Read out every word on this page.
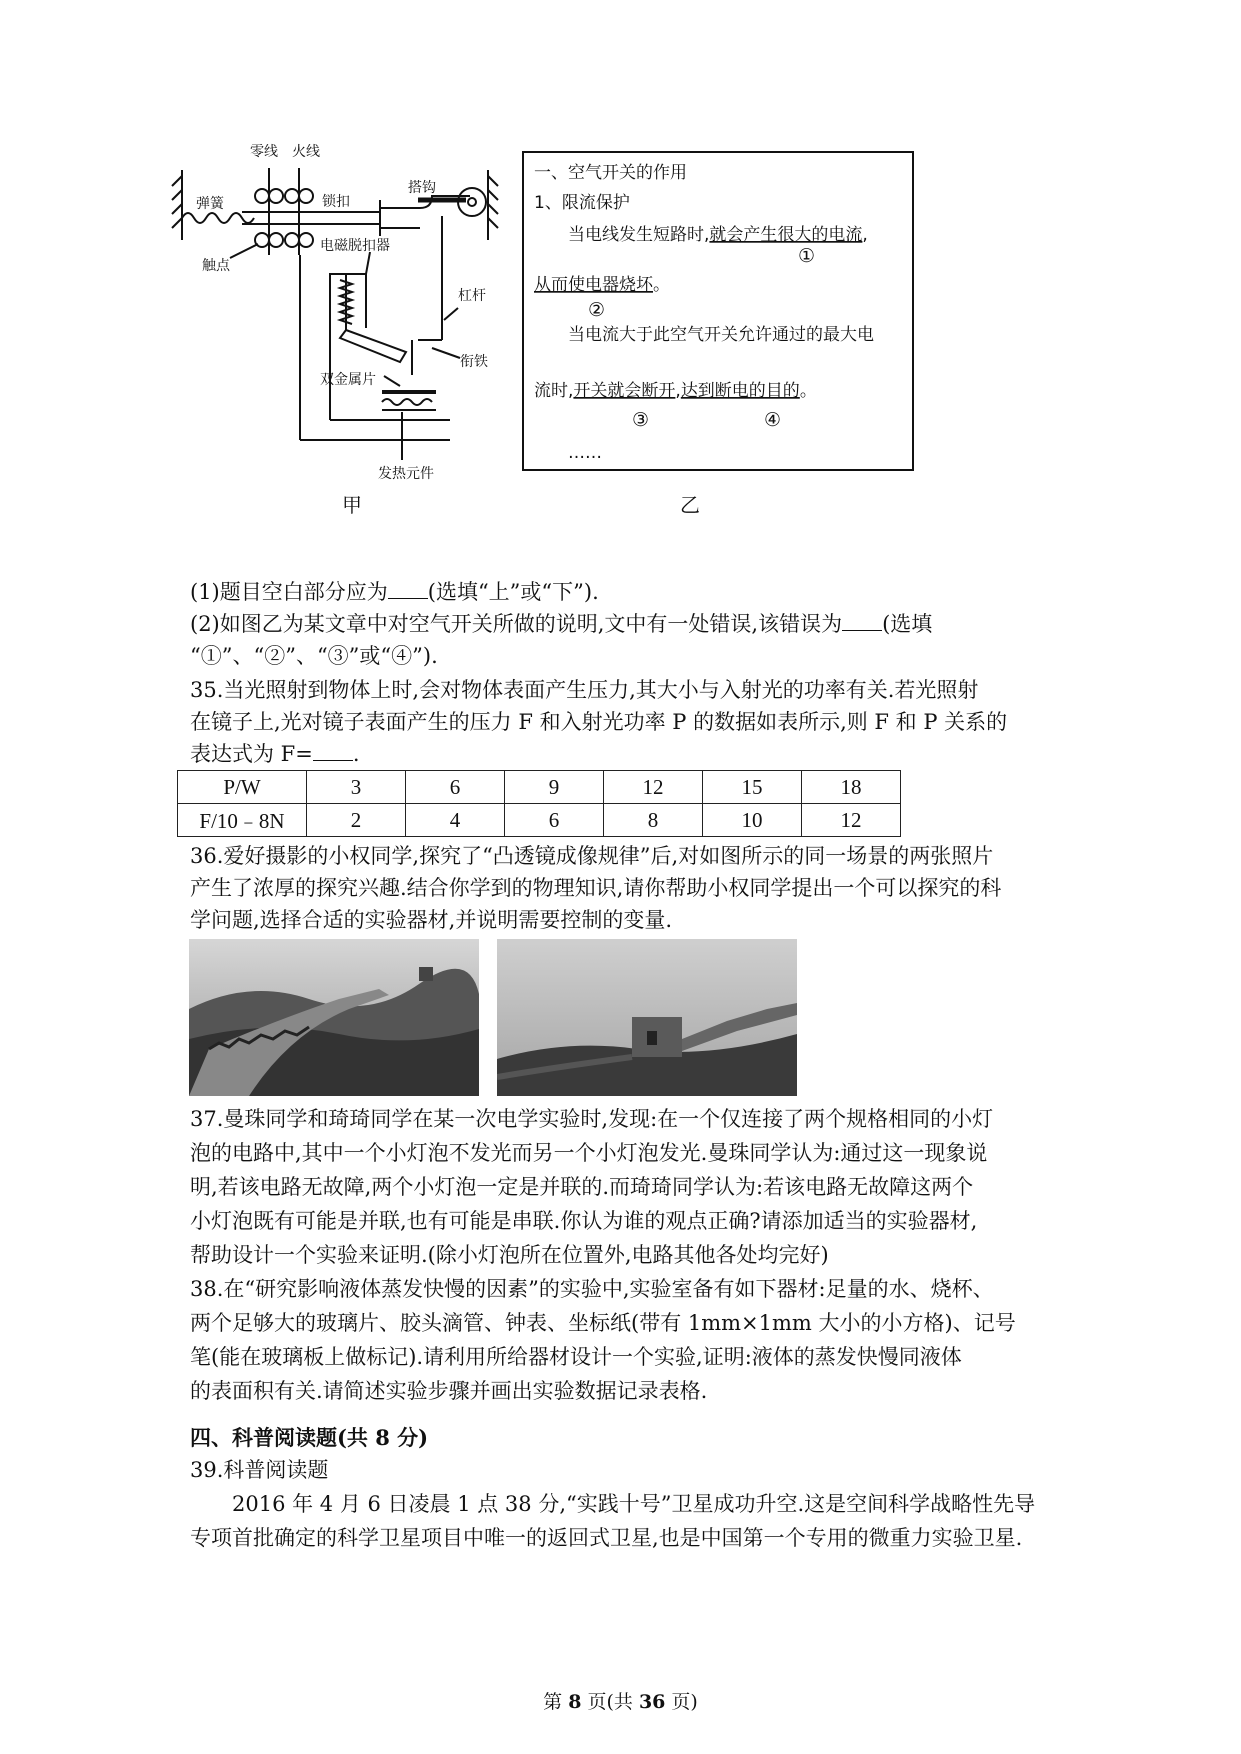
零线 火线
弹簧	锁扣
搭钩
触点
电磁脱扣器
杠杆
衔铁
双金属片
发热元件
甲
一、空气开关的作用
1、限流保护
当电线发生短路时,就会产生很大的电流,
①
从而使电器烧坏。
②
当电流大于此空气开关允许通过的最大电
流时,开关就会断开,达到断电的目的。
③	④
……
乙
(1)题目空白部分应为 (选填“上”或“下”).
(2)如图乙为某文章中对空气开关所做的说明,文中有一处错误,该错误为 (选填
“①”、“②”、“③”或“④”).
35.当光照射到物体上时,会对物体表面产生压力,其大小与入射光的功率有关.若光照射
在镜子上,光对镜子表面产生的压力 F 和入射光功率 P 的数据如表所示,则 F 和 P 关系的
表达式为 F= .
P/W	3	6	9	12	15	18
F/10﹣8N	2	4	6	8	10	12
36.爱好摄影的小权同学,探究了“凸透镜成像规律”后,对如图所示的同一场景的两张照片
产生了浓厚的探究兴趣.结合你学到的物理知识,请你帮助小权同学提出一个可以探究的科
学问题,选择合适的实验器材,并说明需要控制的变量.
37.曼珠同学和琦琦同学在某一次电学实验时,发现:在一个仅连接了两个规格相同的小灯
泡的电路中,其中一个小灯泡不发光而另一个小灯泡发光.曼珠同学认为:通过这一现象说
明,若该电路无故障,两个小灯泡一定是并联的.而琦琦同学认为:若该电路无故障这两个
小灯泡既有可能是并联,也有可能是串联.你认为谁的观点正确?请添加适当的实验器材,
帮助设计一个实验来证明.(除小灯泡所在位置外,电路其他各处均完好)
38.在“研究影响液体蒸发快慢的因素”的实验中,实验室备有如下器材:足量的水、烧杯、
两个足够大的玻璃片、胶头滴管、钟表、坐标纸(带有 1mm×1mm 大小的小方格)、记号
笔(能在玻璃板上做标记).请利用所给器材设计一个实验,证明:液体的蒸发快慢同液体
的表面积有关.请简述实验步骤并画出实验数据记录表格.
四、科普阅读题(共 8 分)
39.科普阅读题
2016 年 4 月 6 日凌晨 1 点 38 分,“实践十号”卫星成功升空.这是空间科学战略性先导
专项首批确定的科学卫星项目中唯一的返回式卫星,也是中国第一个专用的微重力实验卫星.
第 8 页(共 36 页)
